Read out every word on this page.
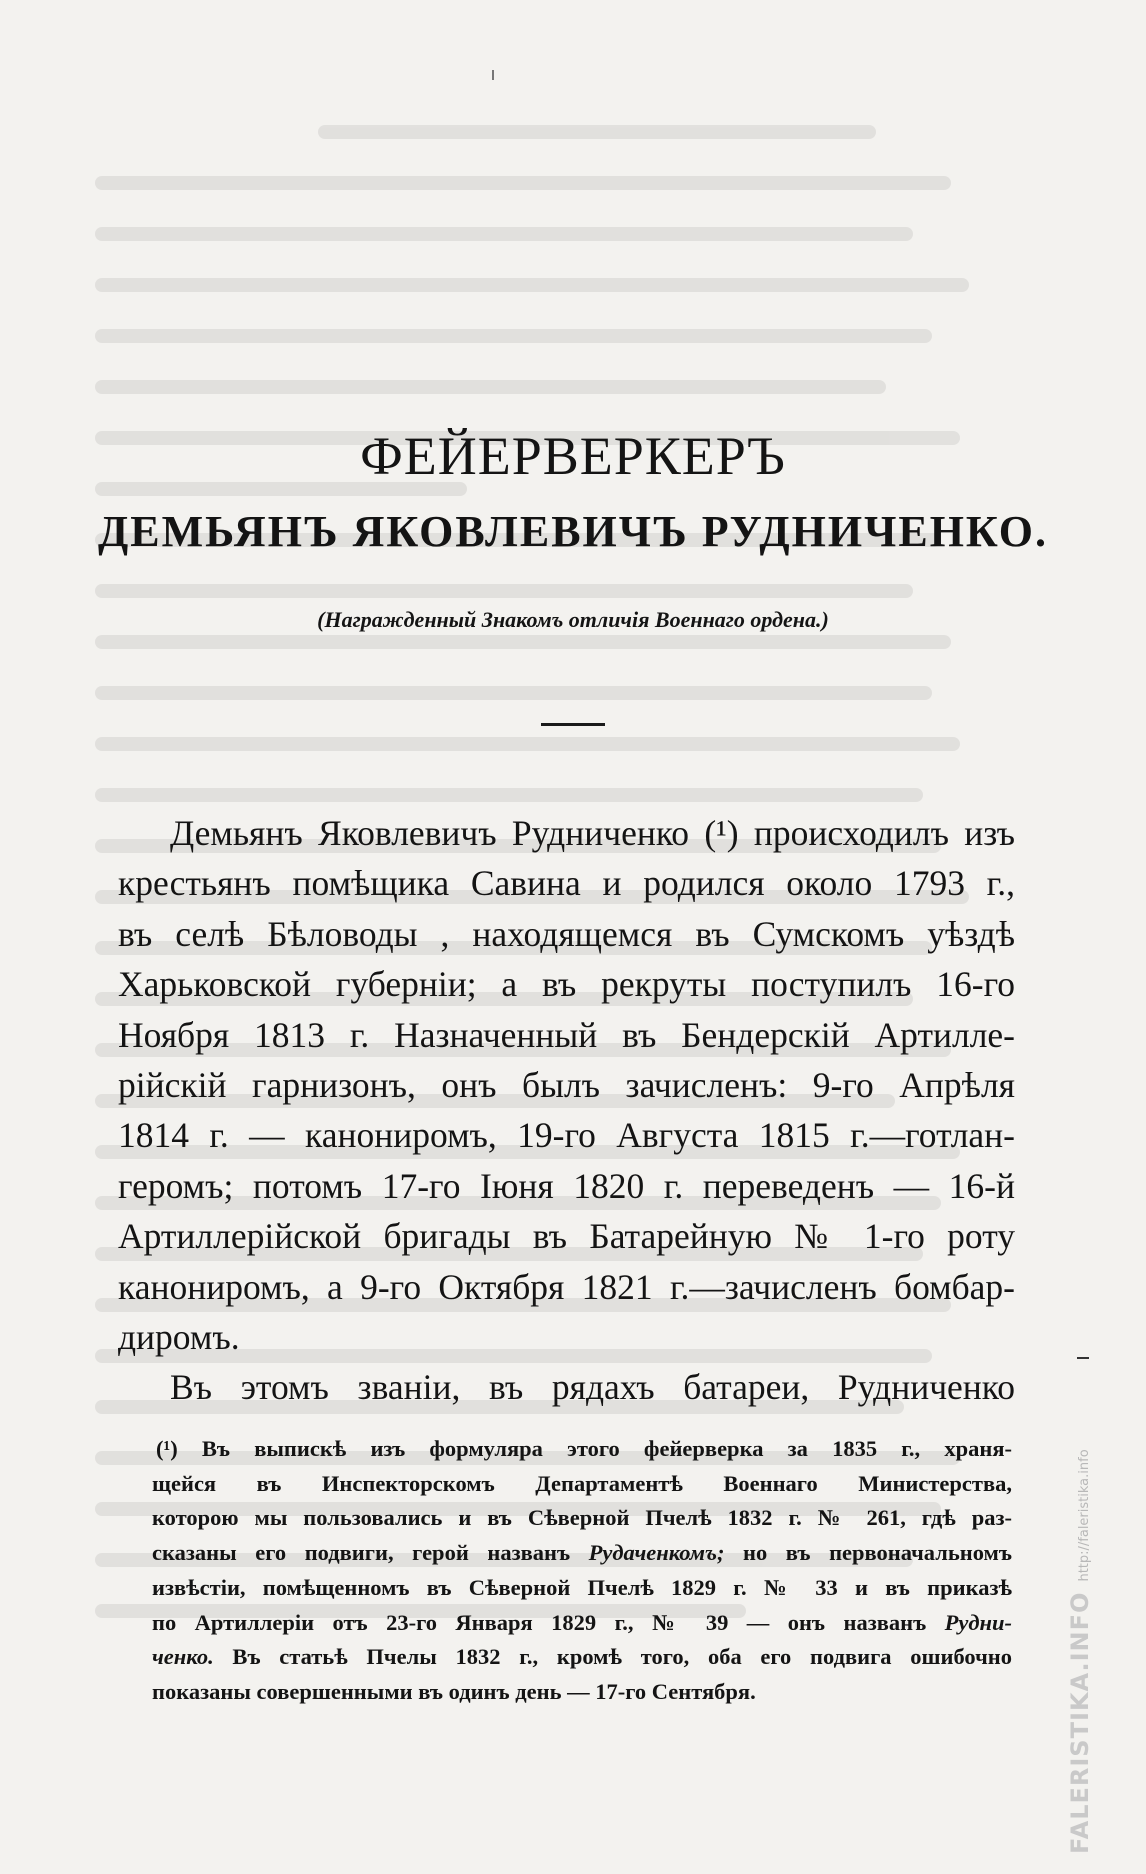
ФЕЙЕРВЕРКЕРЪ
ДЕМЬЯНЪ ЯКОВЛЕВИЧЪ РУДНИЧЕНКО.
(Награжденный Знакомъ отличія Военнаго ордена.)
Демьянъ Яковлевичъ Рудниченко (¹) происходилъ изъ
крестьянъ помѣщика Савина и родился около 1793 г.,
въ селѣ Бѣловоды , находящемся въ Сумскомъ уѣздѣ
Харьковской губерніи; а въ рекруты поступилъ 16-го
Ноября 1813 г. Назначенный въ Бендерскій Артилле-
рійскій гарнизонъ, онъ былъ зачисленъ: 9-го Апрѣля
1814 г. — канониромъ, 19-го Августа 1815 г.—готлан-
геромъ; потомъ 17-го Іюня 1820 г. переведенъ — 16-й
Артиллерійской бригады въ Батарейную № 1-го роту
канониромъ, а 9-го Октября 1821 г.—зачисленъ бомбар-
диромъ.
Въ этомъ званіи, въ рядахъ батареи, Рудниченко
(¹) Въ выпискѣ изъ формуляра этого фейерверка за 1835 г., храня-
щейся въ Инспекторскомъ Департаментѣ Военнаго Министерства,
которою мы пользовались и въ Сѣверной Пчелѣ 1832 г. № 261, гдѣ раз-
сказаны его подвиги, герой названъ Рудаченкомъ; но въ первоначальномъ
извѣстіи, помѣщенномъ въ Сѣверной Пчелѣ 1829 г. № 33 и въ приказѣ
по Артиллеріи отъ 23-го Января 1829 г., № 39 — онъ названъ Рудни-
ченко. Въ статьѣ Пчелы 1832 г., кромѣ того, оба его подвига ошибочно
показаны совершенными въ одинъ день — 17-го Сентября.	FALERISTIKA.INFO
http://faleristika.info
